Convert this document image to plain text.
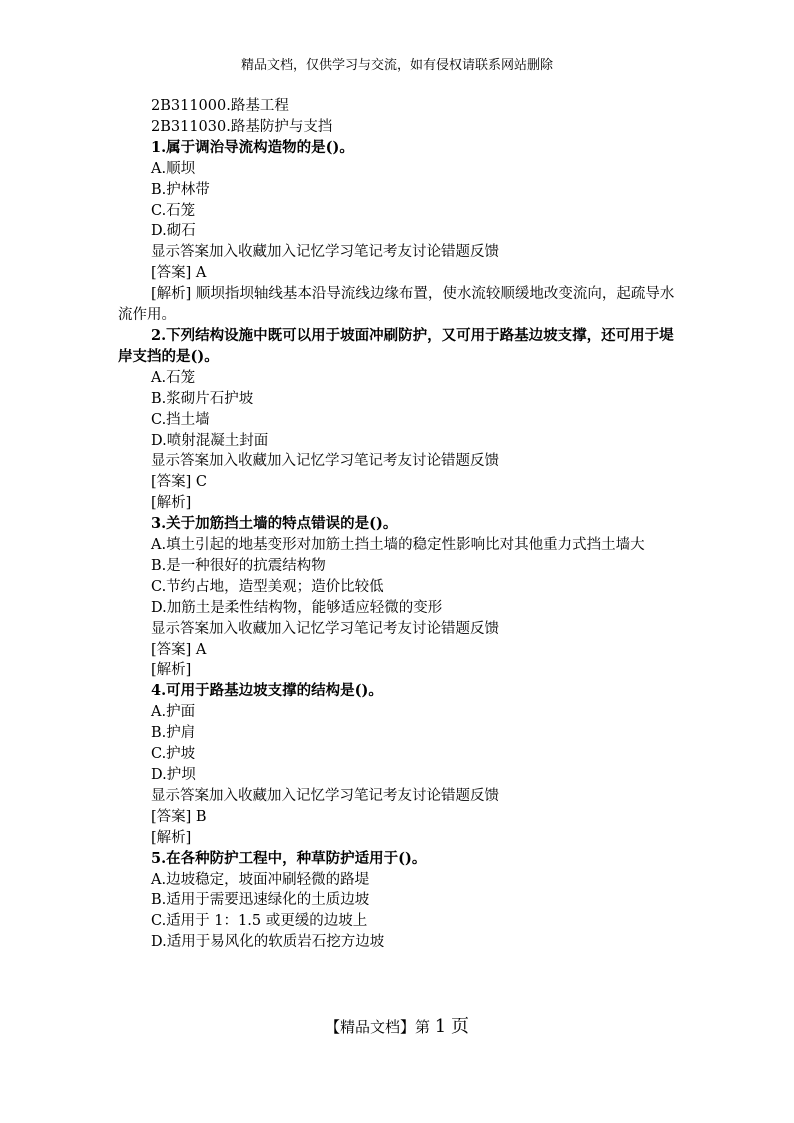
精品文档，仅供学习与交流，如有侵权请联系网站删除
2B311000.路基工程
2B311030.路基防护与支挡
1.属于调治导流构造物的是()。
A.顺坝
B.护林带
C.石笼
D.砌石
显示答案加入收藏加入记忆学习笔记考友讨论错题反馈
[答案] A
[解析] 顺坝指坝轴线基本沿导流线边缘布置，使水流较顺缓地改变流向，起疏导水流作用。
2.下列结构设施中既可以用于坡面冲刷防护，又可用于路基边坡支撑，还可用于堤岸支挡的是()。
A.石笼
B.浆砌片石护坡
C.挡土墙
D.喷射混凝土封面
显示答案加入收藏加入记忆学习笔记考友讨论错题反馈
[答案] C
[解析]
3.关于加筋挡土墙的特点错误的是()。
A.填土引起的地基变形对加筋土挡土墙的稳定性影响比对其他重力式挡土墙大
B.是一种很好的抗震结构物
C.节约占地，造型美观；造价比较低
D.加筋土是柔性结构物，能够适应轻微的变形
显示答案加入收藏加入记忆学习笔记考友讨论错题反馈
[答案] A
[解析]
4.可用于路基边坡支撑的结构是()。
A.护面
B.护肩
C.护坡
D.护坝
显示答案加入收藏加入记忆学习笔记考友讨论错题反馈
[答案] B
[解析]
5.在各种防护工程中，种草防护适用于()。
A.边坡稳定，坡面冲刷轻微的路堤
B.适用于需要迅速绿化的土质边坡
C.适用于 1：1.5 或更缓的边坡上
D.适用于易风化的软质岩石挖方边坡
【精品文档】第 1 页
